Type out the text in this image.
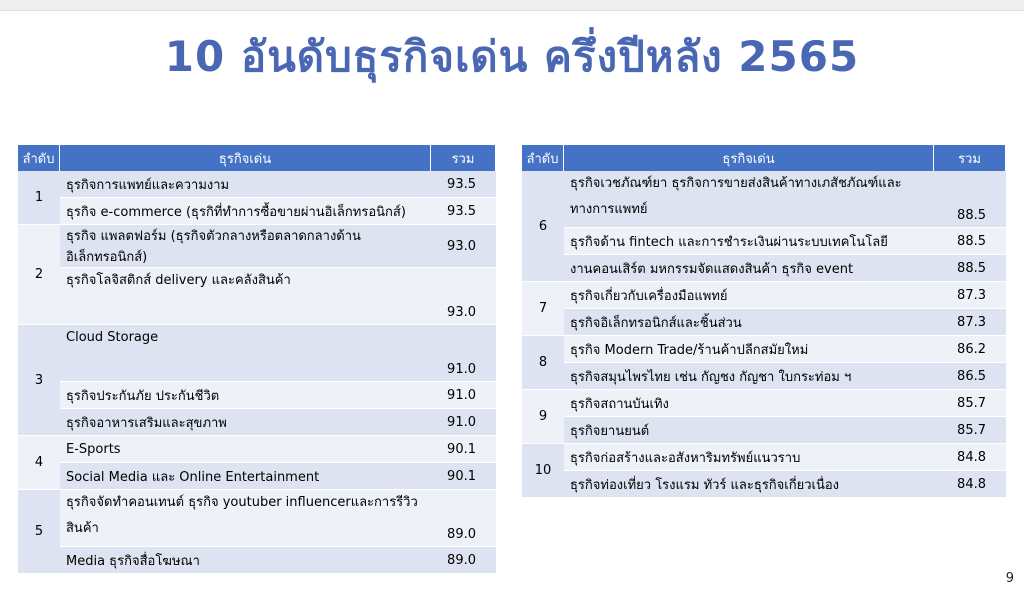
10 อันดับธุรกิจเด่น ครึ่งปีหลัง 2565
ลำดับ	ธุรกิจเด่น	รวม
1	ธุรกิจการแพทย์และความงาม	93.5
	ธุรกิจ e-commerce (ธุรกิที่ทำการซื้อขายผ่านอิเล็กทรอนิกส์)	93.5
2	ธุรกิจ แพลตฟอร์ม (ธุรกิจตัวกลางหรือตลาดกลางด้านอิเล็กทรอนิกส์)	93.0
	ธุรกิจโลจิสติกส์ delivery และคลังสินค้า	93.0
3	Cloud Storage	91.0
	ธุรกิจประกันภัย ประกันชีวิต	91.0
	ธุรกิจอาหารเสริมและสุขภาพ	91.0
4	E-Sports	90.1
	Social Media และ Online Entertainment	90.1
5	ธุรกิจจัดทำคอนเทนต์ ธุรกิจ youtuber influencerและการรีวิวสินค้า	89.0
	Media ธุรกิจสื่อโฆษณา	89.0
ลำดับ	ธุรกิจเด่น	รวม
6	ธุรกิจเวชภัณฑ์ยา ธุรกิจการขายส่งสินค้าทางเภสัชภัณฑ์และทางการแพทย์	88.5
	ธุรกิจด้าน fintech และการชำระเงินผ่านระบบเทคโนโลยี	88.5
	งานคอนเสิร์ต มหกรรมจัดแสดงสินค้า ธุรกิจ event	88.5
7	ธุรกิจเกี่ยวกับเครื่องมือแพทย์	87.3
	ธุรกิจอิเล็กทรอนิกส์และชิ้นส่วน	87.3
8	ธุรกิจ Modern Trade/ร้านค้าปลีกสมัยใหม่	86.2
	ธุรกิจสมุนไพรไทย เช่น กัญชง กัญชา ใบกระท่อม ฯ	86.5
9	ธุรกิจสถานบันเทิง	85.7
	ธุรกิจยานยนต์	85.7
10	ธุรกิจก่อสร้างและอสังหาริมทรัพย์แนวราบ	84.8
	ธุรกิจท่องเที่ยว โรงแรม ทัวร์ และธุรกิจเกี่ยวเนื่อง	84.8
9
